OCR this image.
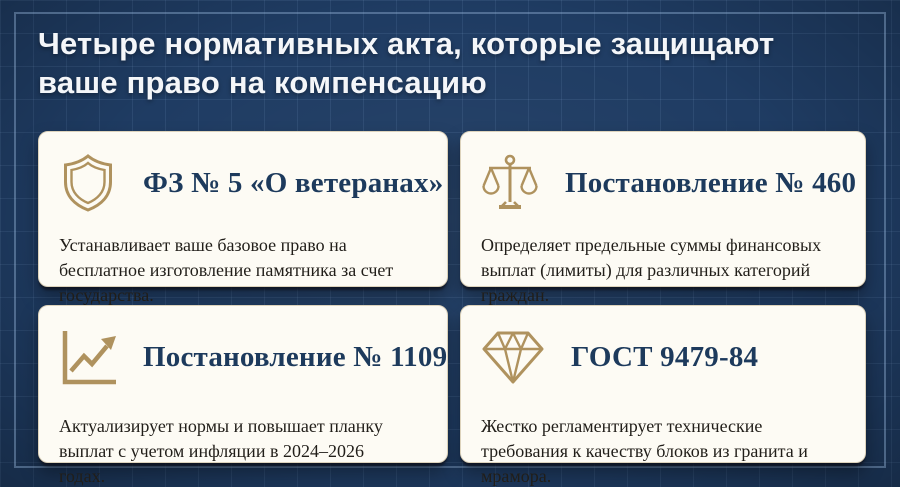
Четыре нормативных акта, которые защищают
ваше право на компенсацию
ФЗ № 5 «О ветеранах»

Устанавливает ваше базовое право на бесплатное изготовление памятника за счет государства.

Постановление № 460

Определяет предельные суммы финансовых выплат (лимиты) для различных категорий граждан.

Постановление № 1109

Актуализирует нормы и повышает планку выплат с учетом инфляции в 2024–2026 годах.

ГОСТ 9479-84

Жестко регламентирует технические требования к качеству блоков из гранита и мрамора.
